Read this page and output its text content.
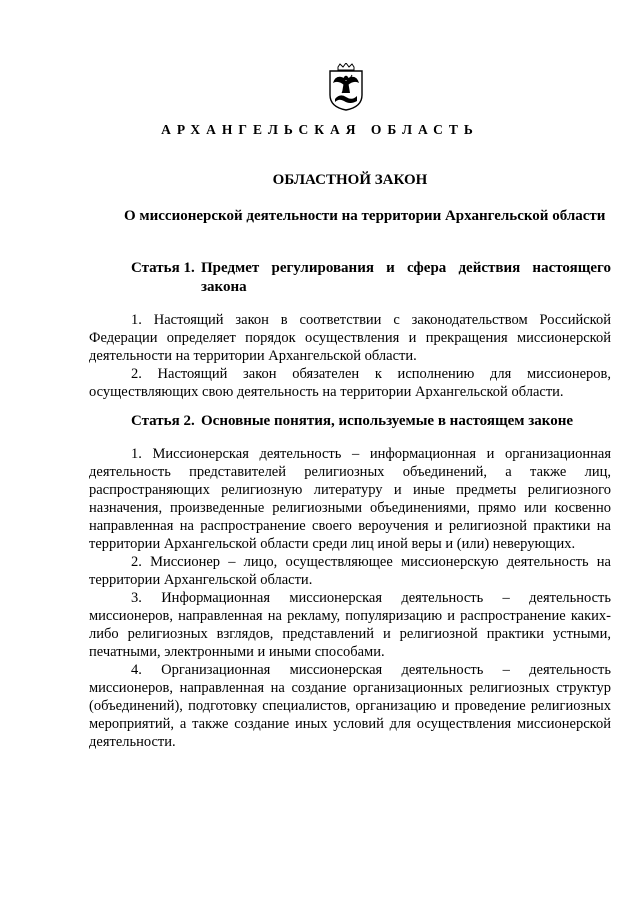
АРХАНГЕЛЬСКАЯ ОБЛАСТЬ
ОБЛАСТНОЙ ЗАКОН
О миссионерской деятельности на территории Архангельской области
Статья 1. Предмет регулирования и сфера действия настоящего закона

1. Настоящий закон в соответствии с законодательством Российской Федерации определяет порядок осуществления и прекращения миссионерской деятельности на территории Архангельской области.

2. Настоящий закон обязателен к исполнению для миссионеров, осуществляющих свою деятельность на территории Архангельской области.

Статья 2. Основные понятия, используемые в настоящем законе

1. Миссионерская деятельность – информационная и организационная деятельность представителей религиозных объединений, а также лиц, распространяющих религиозную литературу и иные предметы религиозного назначения, произведенные религиозными объединениями, прямо или косвенно направленная на распространение своего вероучения и религиозной практики на территории Архангельской области среди лиц иной веры и (или) неверующих.

2. Миссионер – лицо, осуществляющее миссионерскую деятельность на территории Архангельской области.

3. Информационная миссионерская деятельность – деятельность миссионеров, направленная на рекламу, популяризацию и распространение каких-либо религиозных взглядов, представлений и религиозной практики устными, печатными, электронными и иными способами.

4. Организационная миссионерская деятельность – деятельность миссионеров, направленная на создание организационных религиозных структур (объединений), подготовку специалистов, организацию и проведение религиозных мероприятий, а также создание иных условий для осуществления миссионерской деятельности.
